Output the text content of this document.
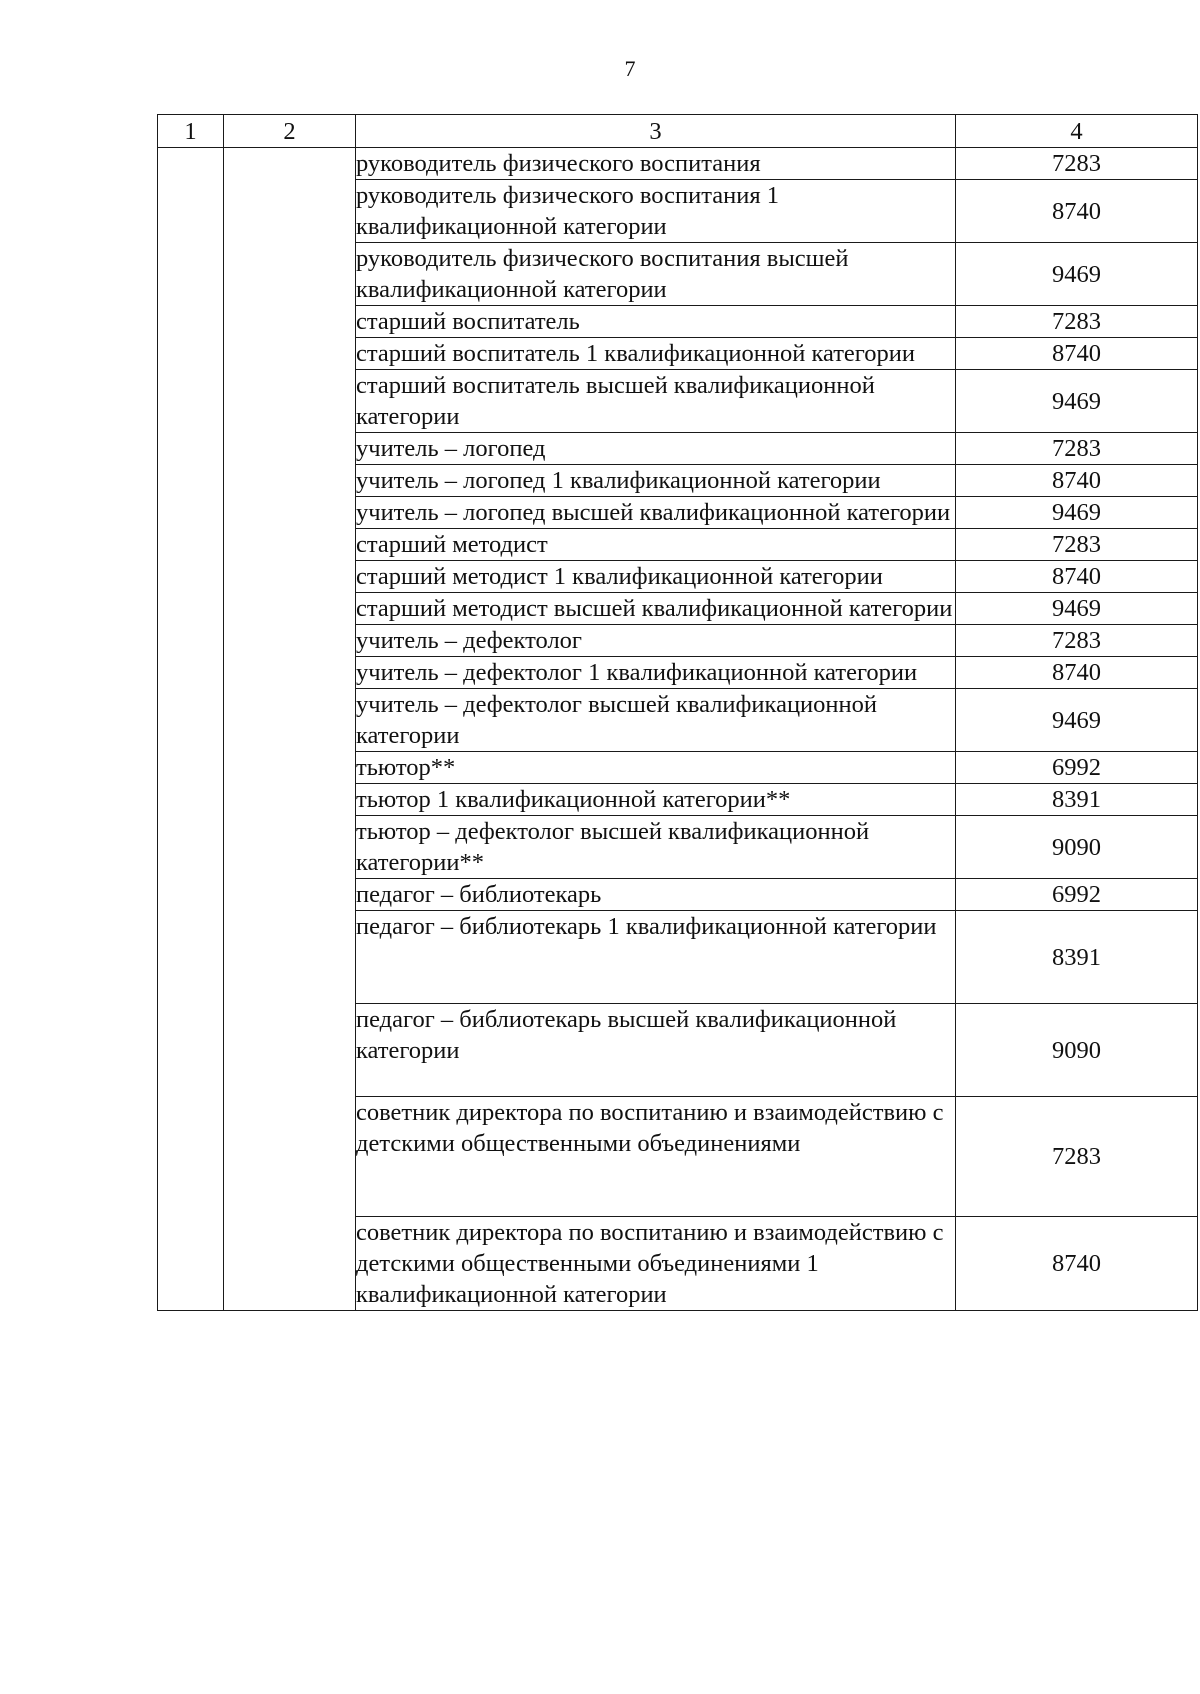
7
1	2	3	4
		руководитель физического воспитания	7283
		руководитель физического воспитания 1 квалификационной категории	8740
		руководитель физического воспитания высшей квалификационной категории	9469
		старший воспитатель	7283
		старший воспитатель 1 квалификационной категории	8740
		старший воспитатель высшей квалификационной категории	9469
		учитель – логопед	7283
		учитель – логопед 1 квалификационной категории	8740
		учитель – логопед высшей квалификационной категории	9469
		старший методист	7283
		старший методист 1 квалификационной категории	8740
		старший методист высшей квалификационной категории	9469
		учитель – дефектолог	7283
		учитель – дефектолог 1 квалификационной категории	8740
		учитель – дефектолог высшей квалификационной категории	9469
		тьютор**	6992
		тьютор 1 квалификационной категории**	8391
		тьютор – дефектолог высшей квалификационной категории**	9090
		педагог – библиотекарь	6992
		педагог – библиотекарь 1 квалификационной категории	8391
		педагог – библиотекарь высшей квалификационной категории	9090
		советник директора по воспитанию и взаимодействию с детскими общественными объединениями	7283
		советник директора по воспитанию и взаимодействию с детскими общественными объединениями 1 квалификационной категории	8740
